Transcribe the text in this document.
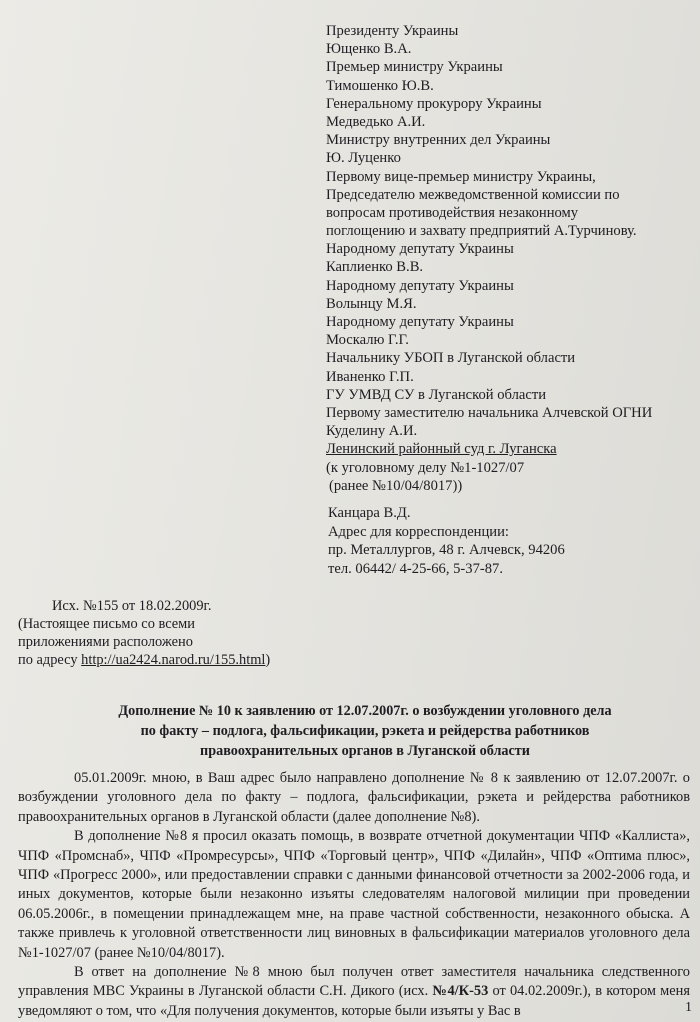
Президенту Украины
Ющенко В.А.
Премьер министру Украины
Тимошенко Ю.В.
Генеральному прокурору Украины
Медведько А.И.
Министру внутренних дел Украины
Ю. Луценко
Первому вице-премьер министру Украины,
Председателю межведомственной комиссии по
вопросам противодействия незаконному
поглощению и захвату предприятий А.Турчинову.
Народному депутату Украины
Каплиенко В.В.
Народному депутату Украины
Волынцу М.Я.
Народному депутату Украины
Москалю Г.Г.
Начальнику УБОП в Луганской области
Иваненко Г.П.
ГУ УМВД СУ в Луганской области
Первому заместителю начальника Алчевской ОГНИ
Куделину А.И.
Ленинский районный суд г. Луганска
(к уголовному делу №1-1027/07
(ранее №10/04/8017))
Канцара В.Д.
Адрес для корреспонденции:
пр. Металлургов, 48 г. Алчевск, 94206
тел. 06442/ 4-25-66, 5-37-87.
Исх. №155 от 18.02.2009г.
(Настоящее письмо со всеми
приложениями расположено
по адресу http://ua2424.narod.ru/155.html)
Дополнение № 10 к заявлению от 12.07.2007г. о возбуждении уголовного дела
по факту – подлога, фальсификации, рэкета и рейдерства работников
правоохранительных органов в Луганской области

05.01.2009г. мною, в Ваш адрес было направлено дополнение № 8 к заявлению от 12.07.2007г. о возбуждении уголовного дела по факту – подлога, фальсификации, рэкета и рейдерства работников правоохранительных органов в Луганской области (далее дополнение №8).

В дополнение №8 я просил оказать помощь, в возврате отчетной документации ЧПФ «Каллиста», ЧПФ «Промснаб», ЧПФ «Промресурсы», ЧПФ «Торговый центр», ЧПФ «Дилайн», ЧПФ «Оптима плюс», ЧПФ «Прогресс 2000», или предоставлении справки с данными финансовой отчетности за 2002-2006 года, и иных документов, которые были незаконно изъяты следователям налоговой милиции при проведении 06.05.2006г., в помещении принадлежащем мне, на праве частной собственности, незаконного обыска. А также привлечь к уголовной ответственности лиц виновных в фальсификации материалов уголовного дела №1-1027/07 (ранее №10/04/8017).

В ответ на дополнение №8 мною был получен ответ заместителя начальника следственного управления МВС Украины в Луганской области С.Н. Дикого (исх. №4/К-53 от 04.02.2009г.), в котором меня уведомляют о том, что «Для получения документов, которые были изъяты у Вас в	1
